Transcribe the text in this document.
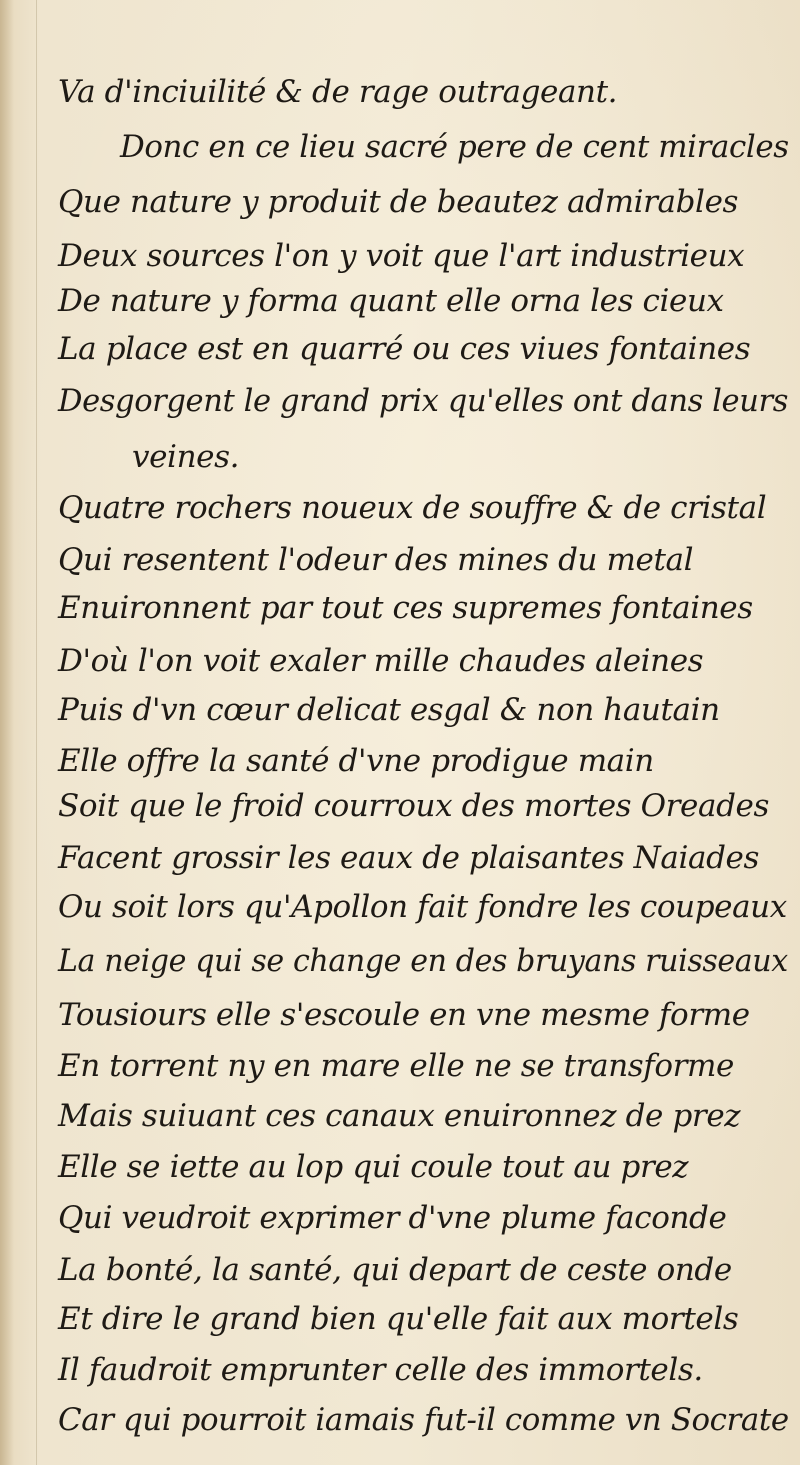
Va d'inciuilité & de rage outrageant.

Donc en ce lieu sacré pere de cent miracles

Que nature y produit de beautez admirables

Deux sources l'on y voit que l'art industrieux

De nature y forma quant elle orna les cieux

La place est en quarré ou ces viues fontaines

Desgorgent le grand prix qu'elles ont dans leurs

veines.

Quatre rochers noueux de souffre & de cristal

Qui resentent l'odeur des mines du metal

Enuironnent par tout ces supremes fontaines

D'où l'on voit exaler mille chaudes aleines

Puis d'vn cœur delicat esgal & non hautain

Elle offre la santé d'vne prodigue main

Soit que le froid courroux des mortes Oreades

Facent grossir les eaux de plaisantes Naiades

Ou soit lors qu'Apollon fait fondre les coupeaux

La neige qui se change en des bruyans ruisseaux

Tousiours elle s'escoule en vne mesme forme

En torrent ny en mare elle ne se transforme

Mais suiuant ces canaux enuironnez de prez

Elle se iette au lop qui coule tout au prez

Qui veudroit exprimer d'vne plume faconde

La bonté, la santé, qui depart de ceste onde

Et dire le grand bien qu'elle fait aux mortels

Il faudroit emprunter celle des immortels.

Car qui pourroit iamais fut-il comme vn Socrate
